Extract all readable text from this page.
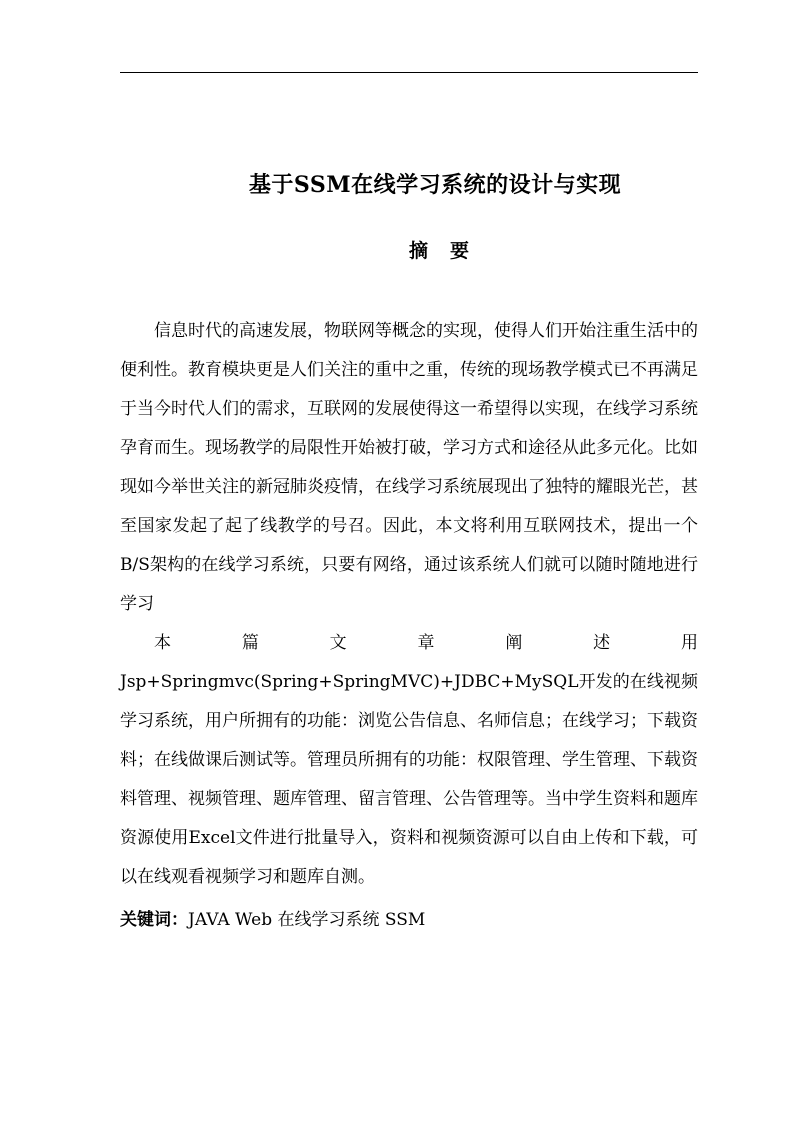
基于SSM在线学习系统的设计与实现
摘要

信息时代的高速发展，物联网等概念的实现，使得人们开始注重生活中的便利性。教育模块更是人们关注的重中之重，传统的现场教学模式已不再满足于当今时代人们的需求，互联网的发展使得这一希望得以实现，在线学习系统孕育而生。现场教学的局限性开始被打破，学习方式和途径从此多元化。比如现如今举世关注的新冠肺炎疫情，在线学习系统展现出了独特的耀眼光芒，甚至国家发起了起了线教学的号召。因此，本文将利用互联网技术，提出一个B/S架构的在线学习系统，只要有网络，通过该系统人们就可以随时随地进行学习

本篇文章阐述用Jsp+Springmvc(Spring+SpringMVC)+JDBC+MySQL开发的在线视频学习系统，用户所拥有的功能：浏览公告信息、名师信息；在线学习；下载资料；在线做课后测试等。管理员所拥有的功能：权限管理、学生管理、下载资料管理、视频管理、题库管理、留言管理、公告管理等。当中学生资料和题库资源使用Excel文件进行批量导入，资料和视频资源可以自由上传和下载，可以在线观看视频学习和题库自测。

关键词：JAVA Web 在线学习系统 SSM
